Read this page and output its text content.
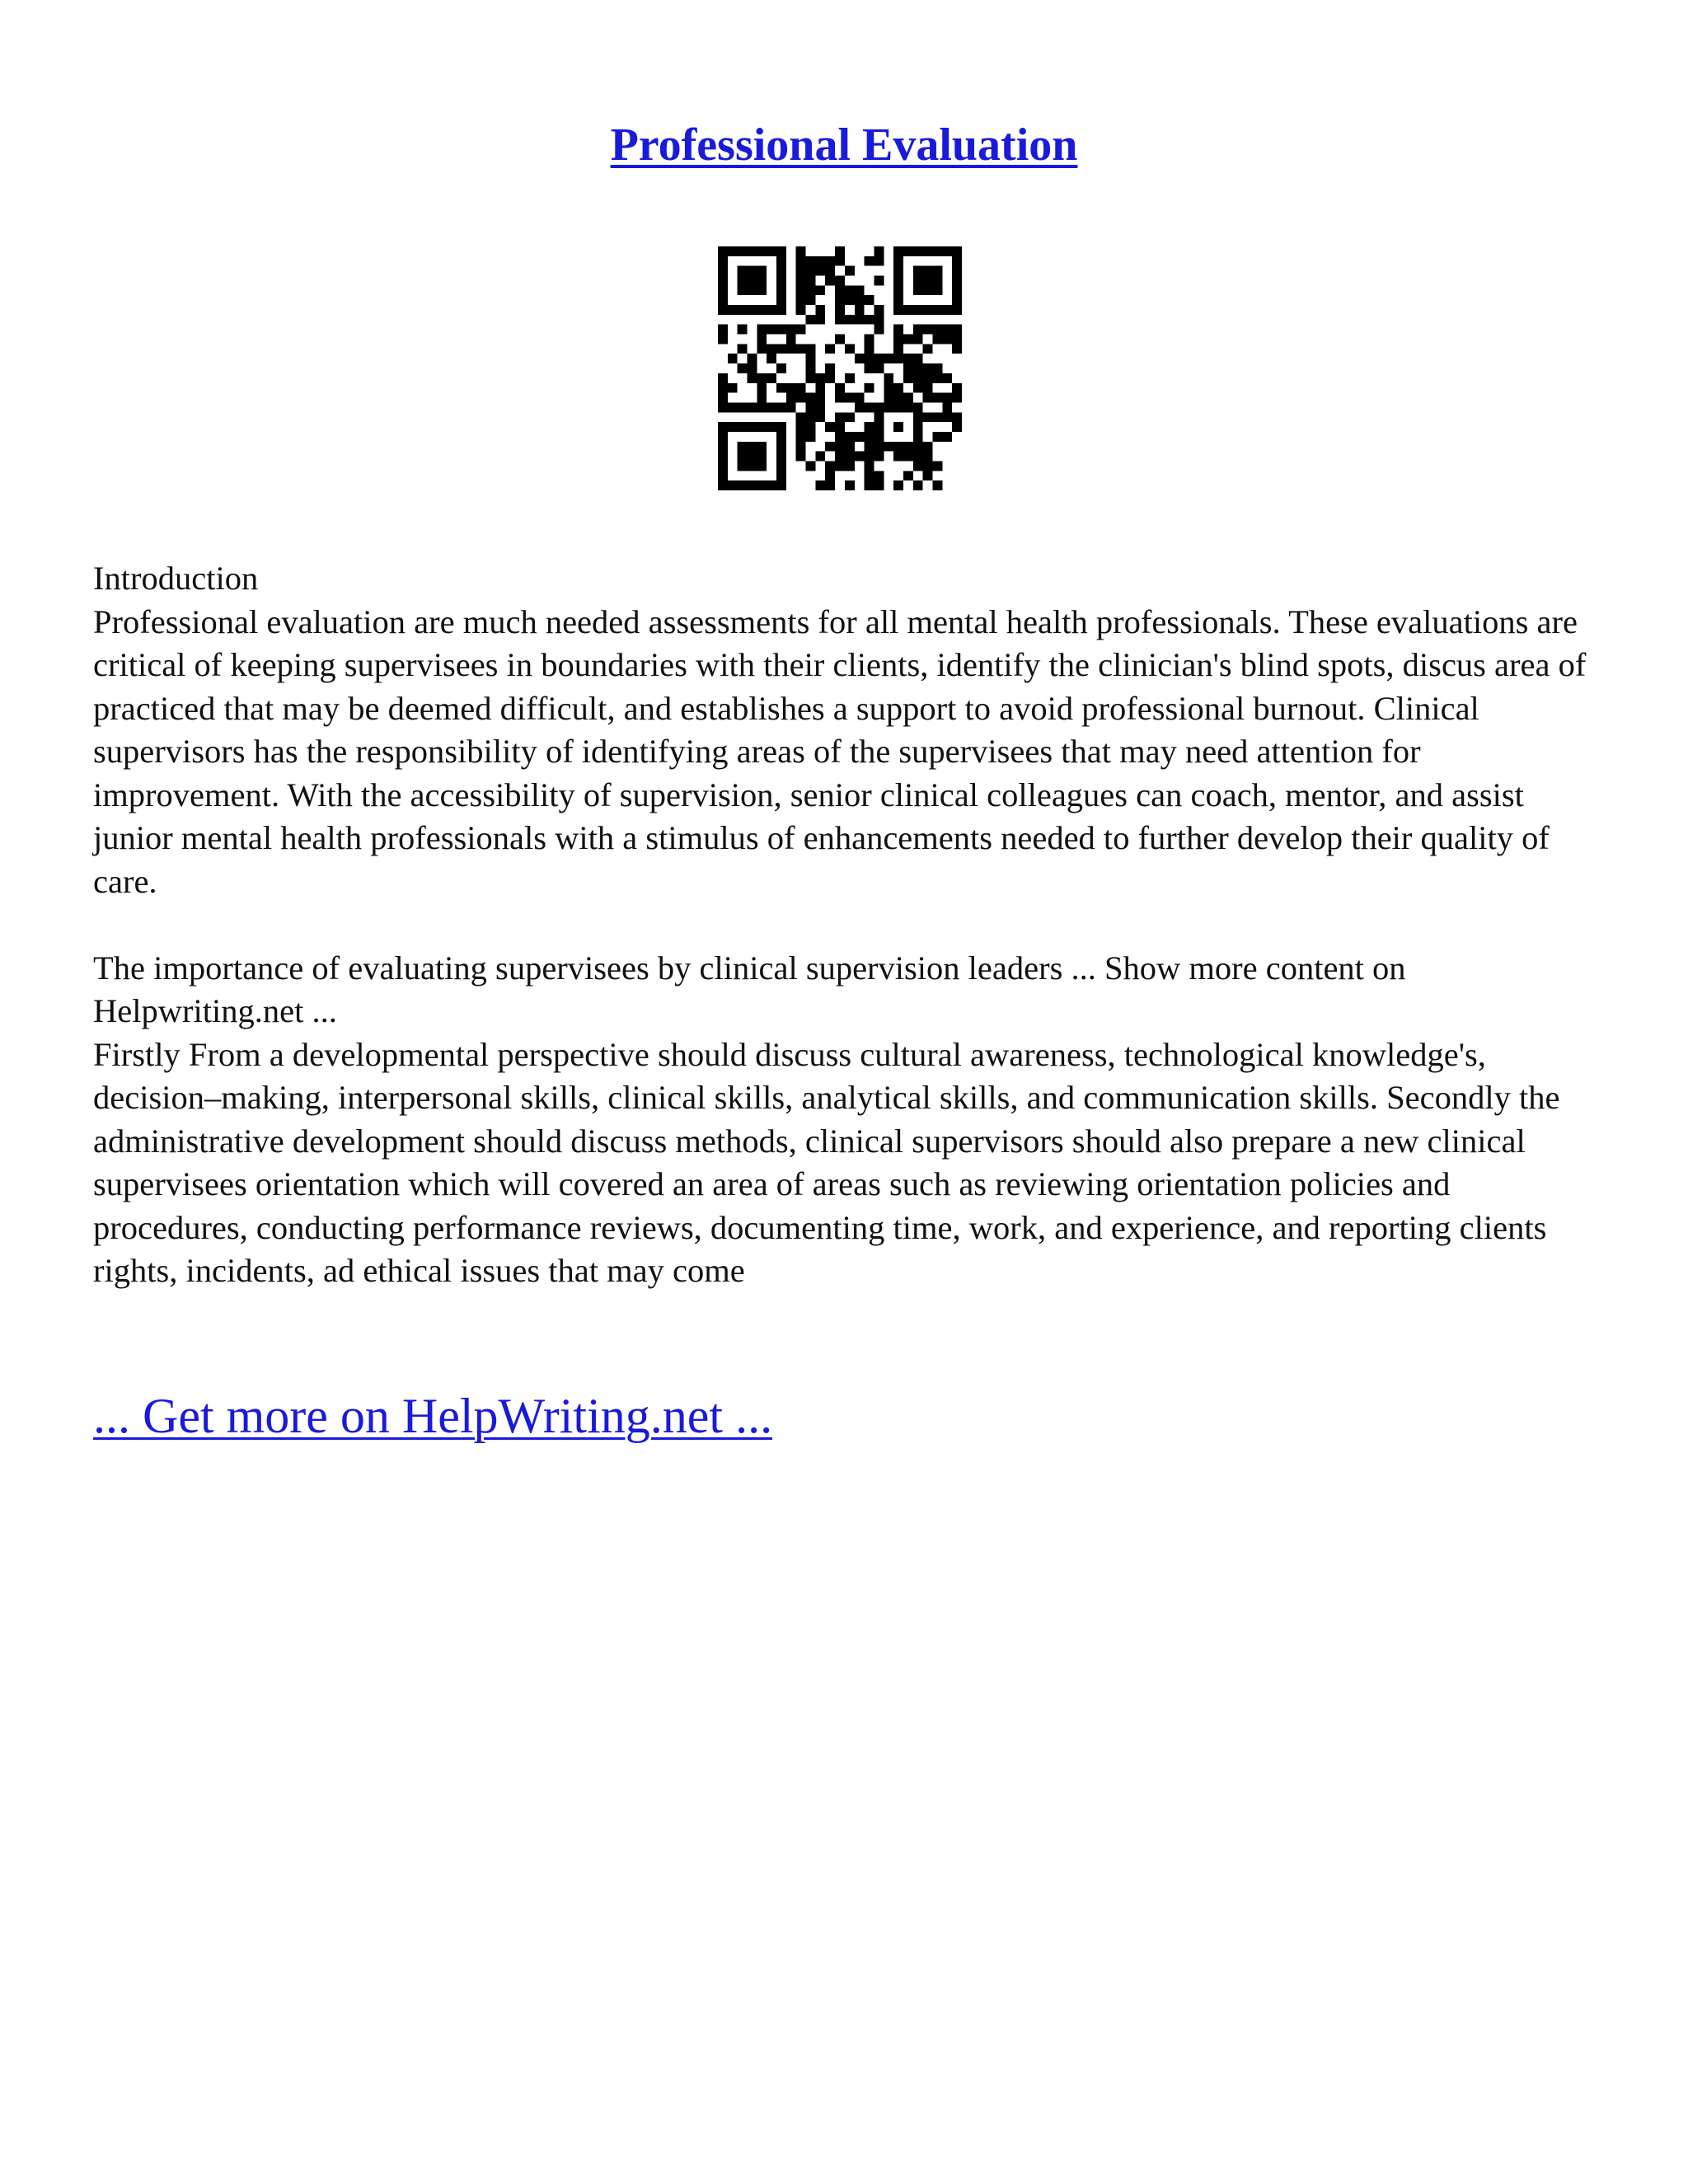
Professional Evaluation

Introduction

Professional evaluation are much needed assessments for all mental health professionals. These evaluations are critical of keeping supervisees in boundaries with their clients, identify the clinician's blind spots, discus area of practiced that may be deemed difficult, and establishes a support to avoid professional burnout. Clinical supervisors has the responsibility of identifying areas of the supervisees that may need attention for improvement. With the accessibility of supervision, senior clinical colleagues can coach, mentor, and assist junior mental health professionals with a stimulus of enhancements needed to further develop their quality of care.

The importance of evaluating supervisees by clinical supervision leaders ... Show more content on Helpwriting.net ...

Firstly From a developmental perspective should discuss cultural awareness, technological knowledge's, decision–making, interpersonal skills, clinical skills, analytical skills, and communication skills. Secondly the administrative development should discuss methods, clinical supervisors should also prepare a new clinical supervisees orientation which will covered an area of areas such as reviewing orientation policies and procedures, conducting performance reviews, documenting time, work, and experience, and reporting clients rights, incidents, ad ethical issues that may come

... Get more on HelpWriting.net ...
